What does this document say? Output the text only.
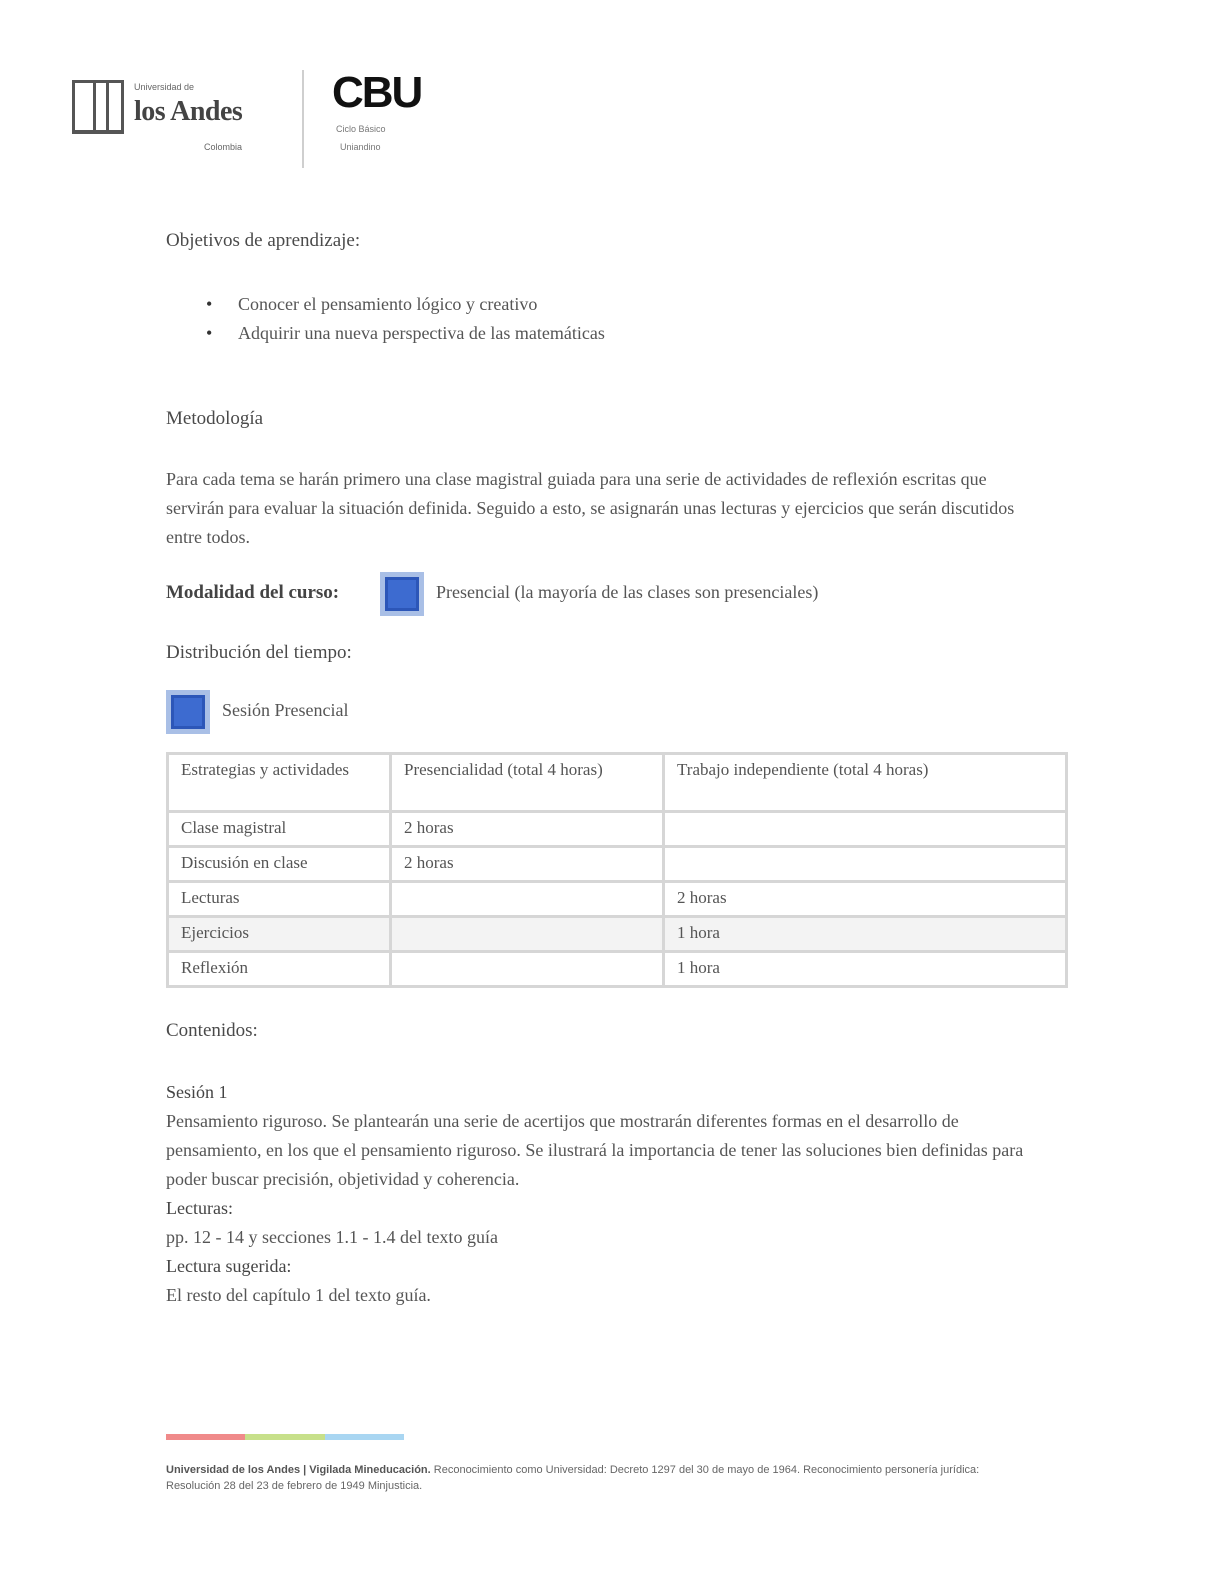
Universidad de
los Andes
Colombia
CBU
Ciclo Básico
Uniandino
Objetivos de aprendizaje:
• Conocer el pensamiento lógico y creativo
• Adquirir una nueva perspectiva de las matemáticas
Metodología

Para cada tema se harán primero una clase magistral guiada para una serie de actividades de reflexión escritas que servirán para evaluar la situación definida. Seguido a esto, se asignarán unas lecturas y ejercicios que serán discutidos entre todos.

Modalidad del curso:	Presencial (la mayoría de las clases son presenciales)
Distribución del tiempo:
Sesión Presencial
Estrategias y actividades	Presencialidad (total 4 horas)	Trabajo independiente (total 4 horas)
Clase magistral	2 horas	
Discusión en clase	2 horas	
Lecturas		2 horas
Ejercicios		1 hora
Reflexión		1 hora
Contenidos:
Sesión 1
Pensamiento riguroso. Se plantearán una serie de acertijos que mostrarán diferentes formas en el desarrollo de pensamiento, en los que el pensamiento riguroso. Se ilustrará la importancia de tener las soluciones bien definidas para poder buscar precisión, objetividad y coherencia.
Lecturas:
pp. 12 - 14 y secciones 1.1 - 1.4 del texto guía
Lectura sugerida:
El resto del capítulo 1 del texto guía.
Universidad de los Andes | Vigilada Mineducación. Reconocimiento como Universidad: Decreto 1297 del 30 de mayo de 1964. Reconocimiento personería jurídica: Resolución 28 del 23 de febrero de 1949 Minjusticia.
